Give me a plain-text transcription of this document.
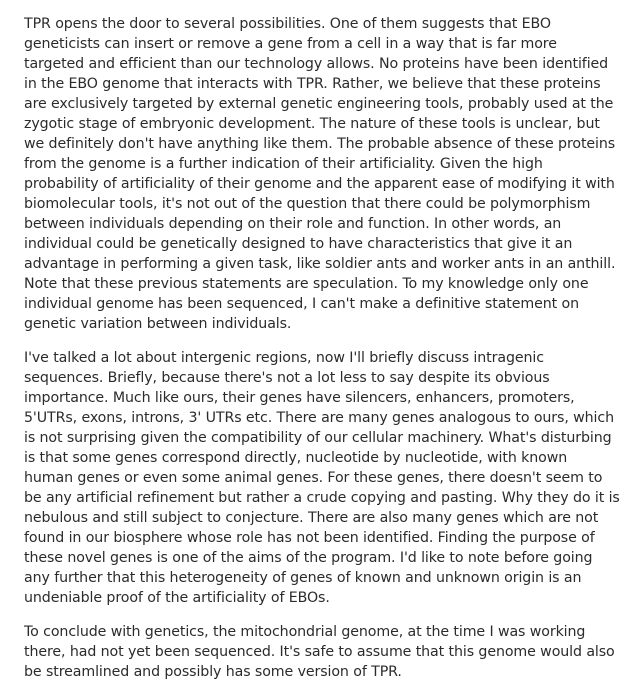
TPR opens the door to several possibilities. One of them suggests that EBO geneticists can insert or remove a gene from a cell in a way that is far more targeted and efficient than our technology allows. No proteins have been identified in the EBO genome that interacts with TPR. Rather, we believe that these proteins are exclusively targeted by external genetic engineering tools, probably used at the zygotic stage of embryonic development. The nature of these tools is unclear, but we definitely don't have anything like them. The probable absence of these proteins from the genome is a further indication of their artificiality. Given the high probability of artificiality of their genome and the apparent ease of modifying it with biomolecular tools, it's not out of the question that there could be polymorphism between individuals depending on their role and function. In other words, an individual could be genetically designed to have characteristics that give it an advantage in performing a given task, like soldier ants and worker ants in an anthill. Note that these previous statements are speculation. To my knowledge only one individual genome has been sequenced, I can't make a definitive statement on genetic variation between individuals.

I've talked a lot about intergenic regions, now I'll briefly discuss intragenic sequences. Briefly, because there's not a lot less to say despite its obvious importance. Much like ours, their genes have silencers, enhancers, promoters, 5'UTRs, exons, introns, 3' UTRs etc. There are many genes analogous to ours, which is not surprising given the compatibility of our cellular machinery. What's disturbing is that some genes correspond directly, nucleotide by nucleotide, with known human genes or even some animal genes. For these genes, there doesn't seem to be any artificial refinement but rather a crude copying and pasting. Why they do it is nebulous and still subject to conjecture. There are also many genes which are not found in our biosphere whose role has not been identified. Finding the purpose of these novel genes is one of the aims of the program. I'd like to note before going any further that this heterogeneity of genes of known and unknown origin is an undeniable proof of the artificiality of EBOs.

To conclude with genetics, the mitochondrial genome, at the time I was working there, had not yet been sequenced. It's safe to assume that this genome would also be streamlined and possibly has some version of TPR.
